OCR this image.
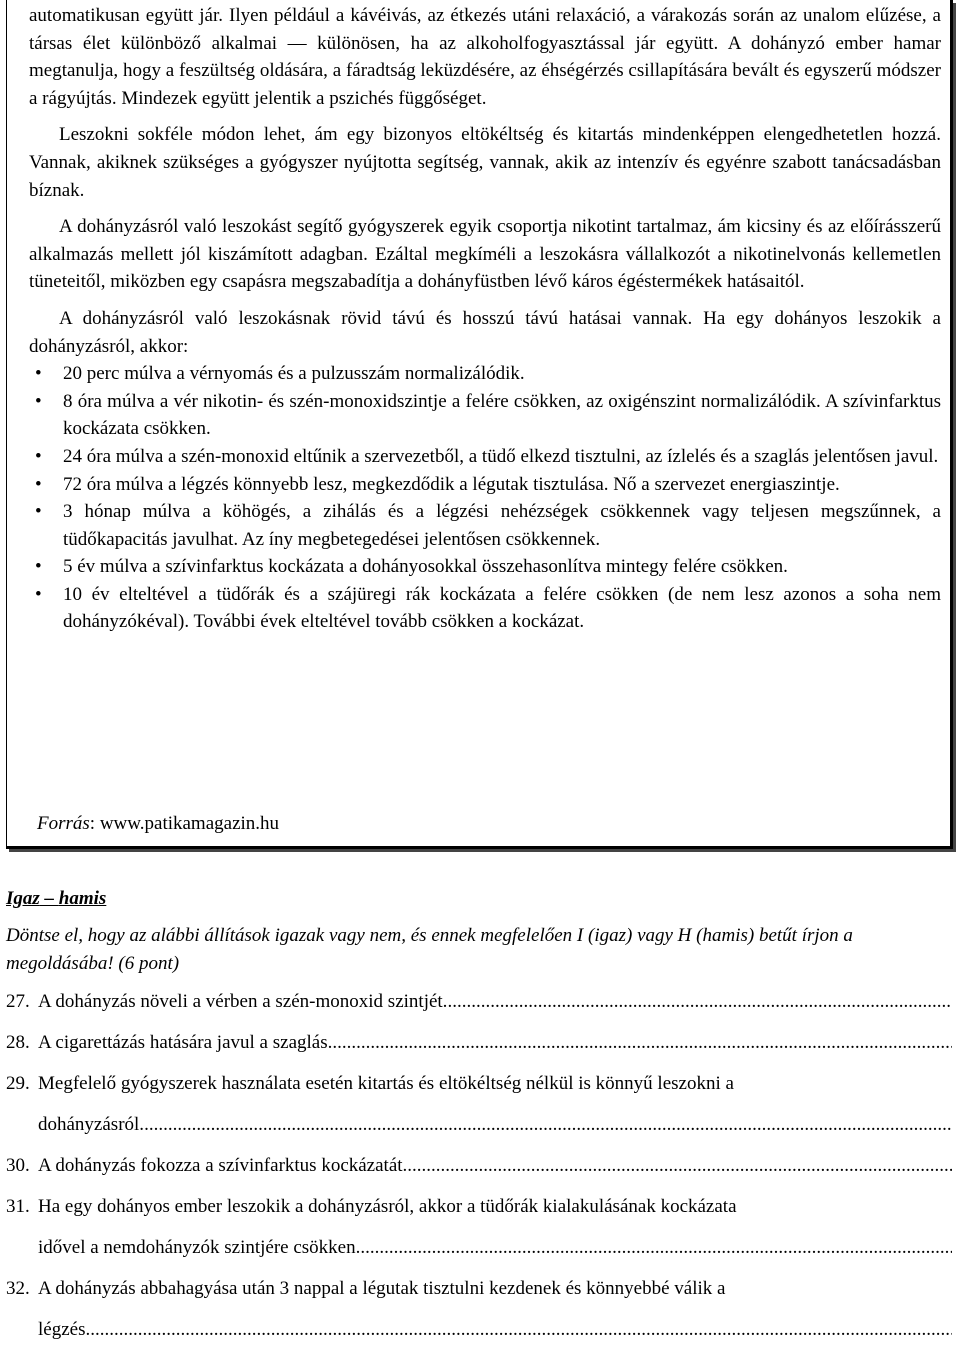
automatikusan együtt jár. Ilyen például a kávéivás, az étkezés utáni relaxáció, a várakozás során az unalom elűzése, a társas élet különböző alkalmai — különösen, ha az alkoholfogyasztással jár együtt. A dohányzó ember hamar megtanulja, hogy a feszültség oldására, a fáradtság leküzdésére, az éhségérzés csillapítására bevált és egyszerű módszer a rágyújtás. Mindezek együtt jelentik a pszichés függőséget.

Leszokni sokféle módon lehet, ám egy bizonyos eltökéltség és kitartás mindenképpen elengedhetetlen hozzá. Vannak, akiknek szükséges a gyógyszer nyújtotta segítség, vannak, akik az intenzív és egyénre szabott tanácsadásban bíznak.

A dohányzásról való leszokást segítő gyógyszerek egyik csoportja nikotint tartalmaz, ám kicsiny és az előírásszerű alkalmazás mellett jól kiszámított adagban. Ezáltal megkíméli a leszokásra vállalkozót a nikotinelvonás kellemetlen tüneteitől, miközben egy csapásra megszabadítja a dohányfüstben lévő káros égéstermékek hatásaitól.

A dohányzásról való leszokásnak rövid távú és hosszú távú hatásai vannak. Ha egy dohányos leszokik a dohányzásról, akkor:

• 20 perc múlva a vérnyomás és a pulzusszám normalizálódik.
• 8 óra múlva a vér nikotin- és szén-monoxidszintje a felére csökken, az oxigénszint normalizálódik. A szívinfarktus kockázata csökken.
• 24 óra múlva a szén-monoxid eltűnik a szervezetből, a tüdő elkezd tisztulni, az ízlelés és a szaglás jelentősen javul.
• 72 óra múlva a légzés könnyebb lesz, megkezdődik a légutak tisztulása. Nő a szervezet energiaszintje.
• 3 hónap múlva a köhögés, a zihálás és a légzési nehézségek csökkennek vagy teljesen megszűnnek, a tüdőkapacitás javulhat. Az íny megbetegedései jelentősen csökkennek.
• 5 év múlva a szívinfarktus kockázata a dohányosokkal összehasonlítva mintegy felére csökken.
• 10 év elteltével a tüdőrák és a szájüregi rák kockázata a felére csökken (de nem lesz azonos a soha nem dohányzókéval). További évek elteltével tovább csökken a kockázat.
Forrás: www.patikamagazin.hu
Igaz – hamis
Döntse el, hogy az alábbi állítások igazak vagy nem, és ennek megfelelően I (igaz) vagy H (hamis) betűt írjon a megoldásába! (6 pont)
27. A dohányzás növeli a vérben a szén-monoxid szintjét.
.....
28. A cigarettázás hatására javul a szaglás.
.....
29. Megfelelő gyógyszerek használata esetén kitartás és eltökéltség nélkül is könnyű leszokni a
dohányzásról.
.....
30. A dohányzás fokozza a szívinfarktus kockázatát
.....
31. Ha egy dohányos ember leszokik a dohányzásról, akkor a tüdőrák kialakulásának kockázata
idővel a nemdohányzók szintjére csökken.
.....
32. A dohányzás abbahagyása után 3 nappal a légutak tisztulni kezdenek és könnyebbé válik a
légzés
.....
